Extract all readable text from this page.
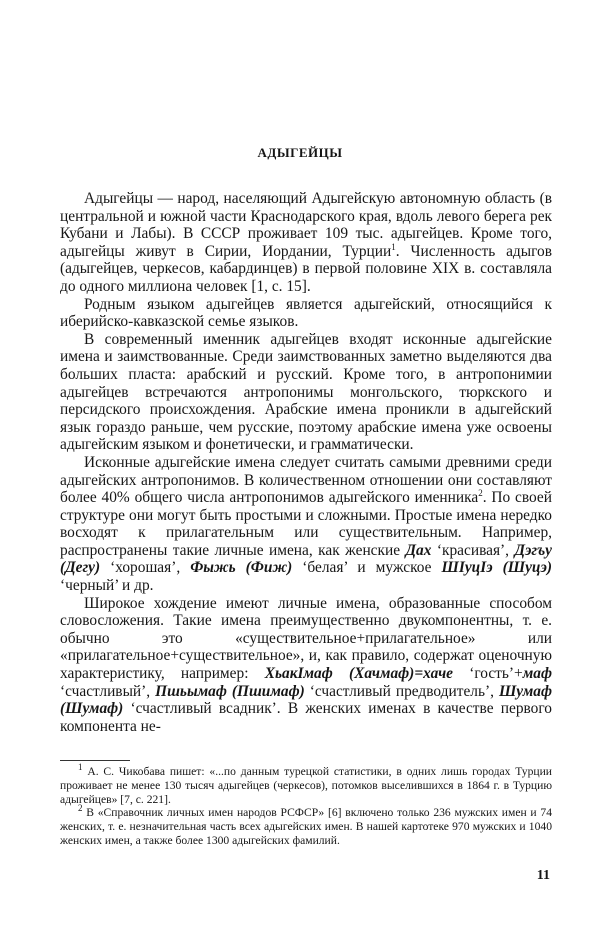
АДЫГЕЙЦЫ

Адыгейцы — народ, населяющий Адыгейскую автономную область (в центральной и южной части Краснодарского края, вдоль левого берега рек Кубани и Лабы). В СССР проживает 109 тыс. адыгейцев. Кроме того, адыгейцы живут в Сирии, Иордании, Турции$^1$. Численность адыгов (адыгейцев, черкесов, кабардинцев) в первой половине XIX в. составляла до одного миллиона человек [1, с. 15].

Родным языком адыгейцев является адыгейский, относящийся к иберийско-кавказской семье языков.

В современный именник адыгейцев входят исконные адыгейские имена и заимствованные. Среди заимствованных заметно выделяются два больших пласта: арабский и русский. Кроме того, в антропонимии адыгейцев встречаются антропонимы монгольского, тюркского и персидского происхождения. Арабские имена проникли в адыгейский язык гораздо раньше, чем русские, поэтому арабские имена уже освоены адыгейским языком и фонетически, и грамматически.

Исконные адыгейские имена следует считать самыми древними среди адыгейских антропонимов. В количественном отношении они составляют более 40% общего числа антропонимов адыгейского именника$^2$. По своей структуре они могут быть простыми и сложными. Простые имена нередко восходят к прилагательным или существительным. Например, распространены такие личные имена, как женские Дах ‘красивая’, Дэгъу (Дегу) ‘хорошая’, Фыжь (Фиж) ‘белая’ и мужское ШIуцIэ (Шуцэ) ‘черный’ и др.

Широкое хождение имеют личные имена, образованные способом словосложения. Такие имена преимущественно двукомпонентны, т. е. обычно это «существительное+прилагательное» или «прилагательное+существительное», и, как правило, содержат оценочную характеристику, например: ХьакIмаф (Хачмаф)=хаче ‘гость’+маф ‘счастливый’, Пшьымаф (Пшимаф) ‘счастливый предводитель’, Шумаф (Шумаф) ‘счастливый всадник’. В женских именах в качестве первого компонента не-

$^1$ А. С. Чикобава пишет: «...по данным турецкой статистики, в одних лишь городах Турции проживает не менее 130 тысяч адыгейцев (черкесов), потомков выселившихся в 1864 г. в Турцию адыгейцев» [7, с. 221].

$^2$ В «Справочник личных имен народов РСФСР» [6] включено только 236 мужских имен и 74 женских, т. е. незначительная часть всех адыгейских имен. В нашей картотеке 970 мужских и 1040 женских имен, а также более 1300 адыгейских фамилий.

11
